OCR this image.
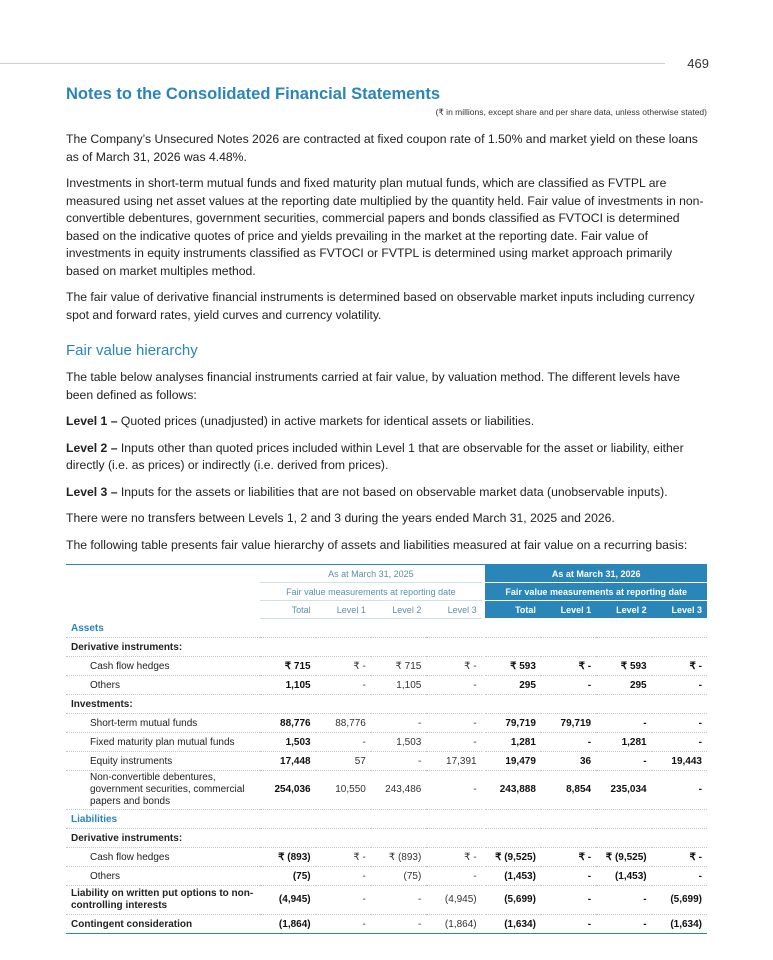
469
Notes to the Consolidated Financial Statements
(₹ in millions, except share and per share data, unless otherwise stated)

The Company’s Unsecured Notes 2026 are contracted at fixed coupon rate of 1.50% and market yield on these loans as of March 31, 2026 was 4.48%.

Investments in short-term mutual funds and fixed maturity plan mutual funds, which are classified as FVTPL are measured using net asset values at the reporting date multiplied by the quantity held. Fair value of investments in non-convertible debentures, government securities, commercial papers and bonds classified as FVTOCI is determined based on the indicative quotes of price and yields prevailing in the market at the reporting date. Fair value of investments in equity instruments classified as FVTOCI or FVTPL is determined using market approach primarily based on market multiples method.

The fair value of derivative financial instruments is determined based on observable market inputs including currency spot and forward rates, yield curves and currency volatility.

Fair value hierarchy

The table below analyses financial instruments carried at fair value, by valuation method. The different levels have been defined as follows:

Level 1 – Quoted prices (unadjusted) in active markets for identical assets or liabilities.

Level 2 – Inputs other than quoted prices included within Level 1 that are observable for the asset or liability, either directly (i.e. as prices) or indirectly (i.e. derived from prices).

Level 3 – Inputs for the assets or liabilities that are not based on observable market data (unobservable inputs).

There were no transfers between Levels 1, 2 and 3 during the years ended March 31, 2025 and 2026.

The following table presents fair value hierarchy of assets and liabilities measured at fair value on a recurring basis:

	As at March 31, 2025					As at March 31, 2026			
	Fair value measurements at reporting date					Fair value measurements at reporting date			
	Total	Level 1	Level 2	Level 3		Total	Level 1	Level 2	Level 3
Assets									
Derivative instruments:									
Cash flow hedges	₹ 715	₹ -	₹ 715	₹ -		₹ 593	₹ -	₹ 593	₹ -
Others	1,105	-	1,105	-		295	-	295	-
Investments:									
Short-term mutual funds	88,776	88,776	-	-		79,719	79,719	-	-
Fixed maturity plan mutual funds	1,503	-	1,503	-		1,281	-	1,281	-
Equity instruments	17,448	57	-	17,391		19,479	36	-	19,443
Non-convertible debentures, government securities, commercial papers and bonds	254,036	10,550	243,486	-		243,888	8,854	235,034	-
Liabilities									
Derivative instruments:									
Cash flow hedges	₹ (893)	₹ -	₹ (893)	₹ -		₹ (9,525)	₹ -	₹ (9,525)	₹ -
Others	(75)	-	(75)	-		(1,453)	-	(1,453)	-
Liability on written put options to non-controlling interests	(4,945)	-	-	(4,945)		(5,699)	-	-	(5,699)
Contingent consideration	(1,864)	-	-	(1,864)		(1,634)	-	-	(1,634)
